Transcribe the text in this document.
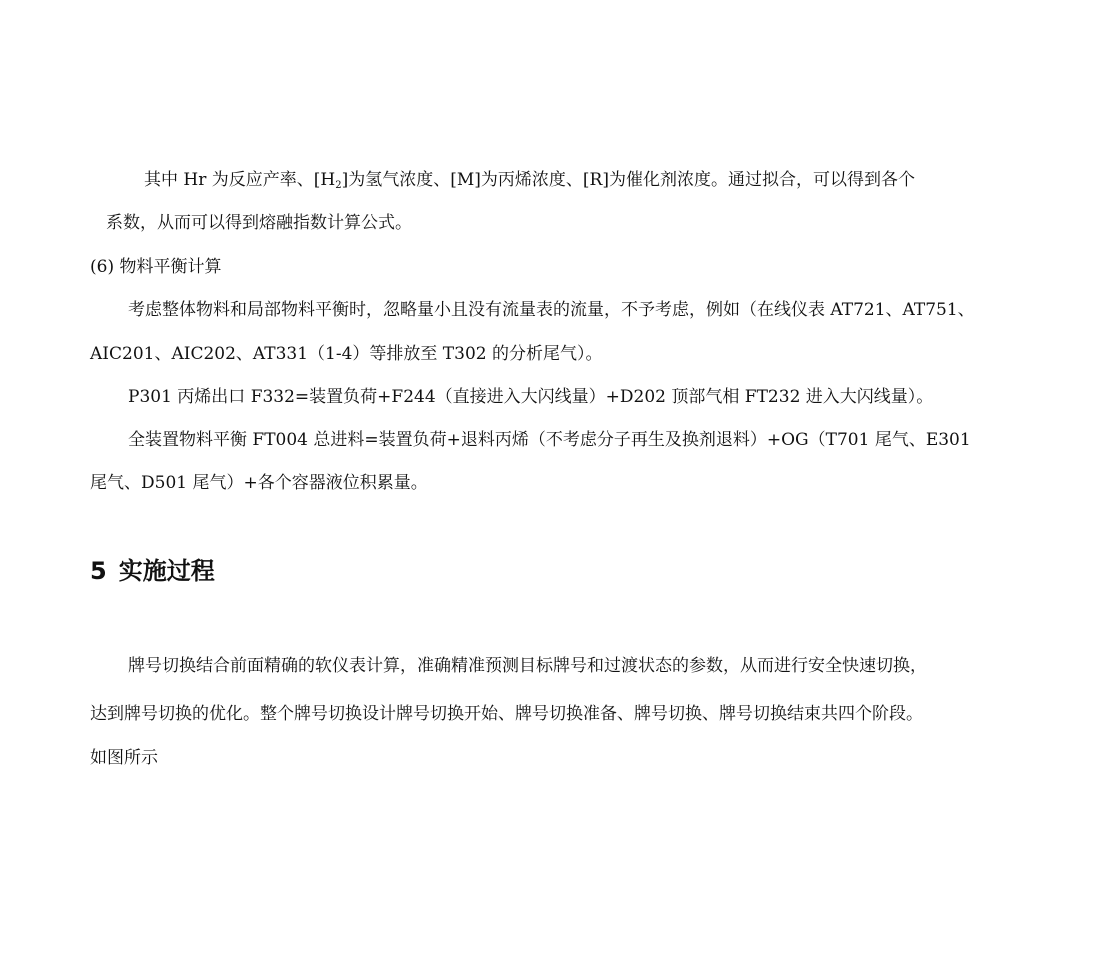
其中 Hr 为反应产率、$[H_2]$为氢气浓度、[M]为丙烯浓度、[R]为催化剂浓度。通过拟合，可以得到各个
系数，从而可以得到熔融指数计算公式。
(6) 物料平衡计算
考虑整体物料和局部物料平衡时，忽略量小且没有流量表的流量，不予考虑，例如（在线仪表 AT721、AT751、
AIC201、AIC202、AT331（1-4）等排放至 T302 的分析尾气）。
P301 丙烯出口 F332=装置负荷+F244（直接进入大闪线量）+D202 顶部气相 FT232 进入大闪线量）。
全装置物料平衡 FT004 总进料=装置负荷+退料丙烯（不考虑分子再生及换剂退料）+OG（T701 尾气、E301
尾气、D501 尾气）+各个容器液位积累量。
5 实施过程
牌号切换结合前面精确的软仪表计算，准确精准预测目标牌号和过渡状态的参数，从而进行安全快速切换，
达到牌号切换的优化。整个牌号切换设计牌号切换开始、牌号切换准备、牌号切换、牌号切换结束共四个阶段。
如图所示
